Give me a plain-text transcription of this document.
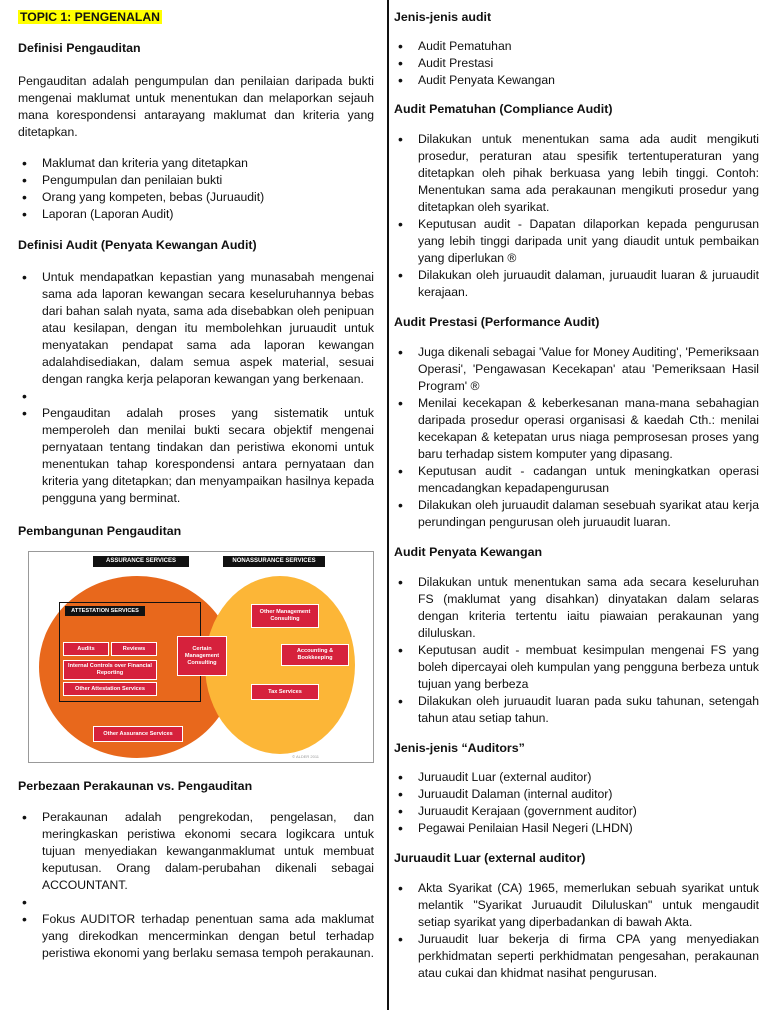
TOPIC 1: PENGENALAN
Definisi Pengauditan

Pengauditan adalah pengumpulan dan penilaian daripada bukti mengenai maklumat untuk menentukan dan melaporkan sejauh mana korespondensi antarayang maklumat dan kriteria yang ditetapkan.

• Maklumat dan kriteria yang ditetapkan
• Pengumpulan dan penilaian bukti
• Orang yang kompeten, bebas (Juruaudit)
• Laporan (Laporan Audit)
Definisi Audit (Penyata Kewangan Audit)
• Untuk mendapatkan kepastian yang munasabah mengenai sama ada laporan kewangan secara keseluruhannya bebas dari bahan salah nyata, sama ada disebabkan oleh penipuan atau kesilapan, dengan itu membolehkan juruaudit untuk menyatakan pendapat sama ada laporan kewangan adalahdisediakan, dalam semua aspek material, sesuai dengan rangka kerja pelaporan kewangan yang berkenaan.
•
• Pengauditan adalah proses yang sistematik untuk memperoleh dan menilai bukti secara objektif mengenai pernyataan tentang tindakan dan peristiwa ekonomi untuk menentukan tahap korespondensi antara pernyataan dan kriteria yang ditetapkan; dan menyampaikan hasilnya kepada pengguna yang berminat.
Pembangunan Pengauditan
ASSURANCE SERVICES	NONASSURANCE SERVICES
ATTESTATION SERVICES
Audits	Reviews
Internal Controls over Financial Reporting
Other Attestation Services
Certain Management Consulting
Other Management Consulting
Accounting & Bookkeeping
Tax Services
Other Assurance Services
© ALDER 2011
Perbezaan Perakaunan vs. Pengauditan
• Perakaunan adalah pengrekodan, pengelasan, dan meringkaskan peristiwa ekonomi secara logikcara untuk tujuan menyediakan kewanganmaklumat untuk membuat keputusan. Orang dalam-perubahan dikenali sebagai ACCOUNTANT.
•
• Fokus AUDITOR terhadap penentuan sama ada maklumat yang direkodkan mencerminkan dengan betul terhadap peristiwa ekonomi yang berlaku semasa tempoh perakaunan.
Jenis-jenis audit
• Audit Pematuhan
• Audit Prestasi
• Audit Penyata Kewangan
Audit Pematuhan (Compliance Audit)
• Dilakukan untuk menentukan sama ada audit mengikuti prosedur, peraturan atau spesifik tertentuperaturan yang ditetapkan oleh pihak berkuasa yang lebih tinggi. Contoh: Menentukan sama ada perakaunan mengikuti prosedur yang ditetapkan oleh syarikat.
• Keputusan audit - Dapatan dilaporkan kepada pengurusan yang lebih tinggi daripada unit yang diaudit untuk pembaikan yang diperlukan ®
• Dilakukan oleh juruaudit dalaman, juruaudit luaran & juruaudit kerajaan.
Audit Prestasi (Performance Audit)
• Juga dikenali sebagai 'Value for Money Auditing', 'Pemeriksaan Operasi', 'Pengawasan Kecekapan' atau 'Pemeriksaan Hasil Program' ®
• Menilai kecekapan & keberkesanan mana-mana sebahagian daripada prosedur operasi organisasi & kaedah Cth.: menilai kecekapan & ketepatan urus niaga pemprosesan proses yang baru terhadap sistem komputer yang dipasang.
• Keputusan audit - cadangan untuk meningkatkan operasi mencadangkan kepadapengurusan
• Dilakukan oleh juruaudit dalaman sesebuah syarikat atau kerja perundingan pengurusan oleh juruaudit luaran.
Audit Penyata Kewangan
• Dilakukan untuk menentukan sama ada secara keseluruhan FS (maklumat yang disahkan) dinyatakan dalam selaras dengan kriteria tertentu iaitu piawaian perakaunan yang diluluskan.
• Keputusan audit - membuat kesimpulan mengenai FS yang boleh dipercayai oleh kumpulan yang pengguna berbeza untuk tujuan yang berbeza
• Dilakukan oleh juruaudit luaran pada suku tahunan, setengah tahun atau setiap tahun.
Jenis-jenis “Auditors”
• Juruaudit Luar (external auditor)
• Juruaudit Dalaman (internal auditor)
• Juruaudit Kerajaan (government auditor)
• Pegawai Penilaian Hasil Negeri (LHDN)
Juruaudit Luar (external auditor)
• Akta Syarikat (CA) 1965, memerlukan sebuah syarikat untuk melantik "Syarikat Juruaudit Diluluskan" untuk mengaudit setiap syarikat yang diperbadankan di bawah Akta.
• Juruaudit luar bekerja di firma CPA yang menyediakan perkhidmatan seperti perkhidmatan pengesahan, perakaunan atau cukai dan khidmat nasihat pengurusan.
